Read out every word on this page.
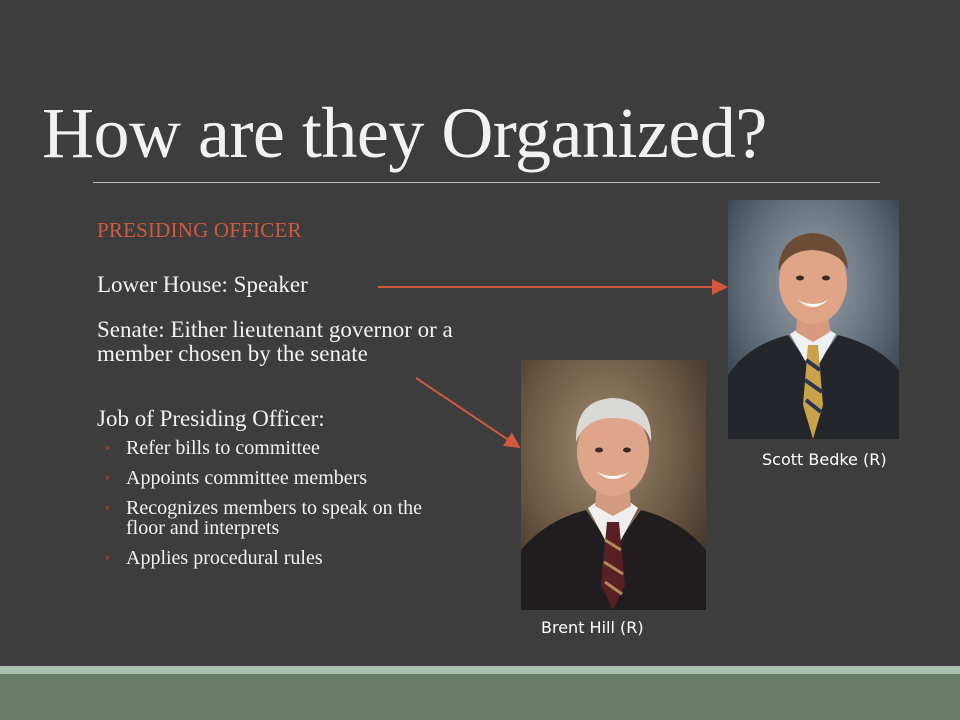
How are they Organized?
PRESIDING OFFICER
Lower House: Speaker
Senate: Either lieutenant governor or a member chosen by the senate
Job of Presiding Officer:
◦ Refer bills to committee
◦ Appoints committee members
◦ Recognizes members to speak on the floor and interprets
◦ Applies procedural rules
Scott Bedke (R)
Brent Hill (R)
